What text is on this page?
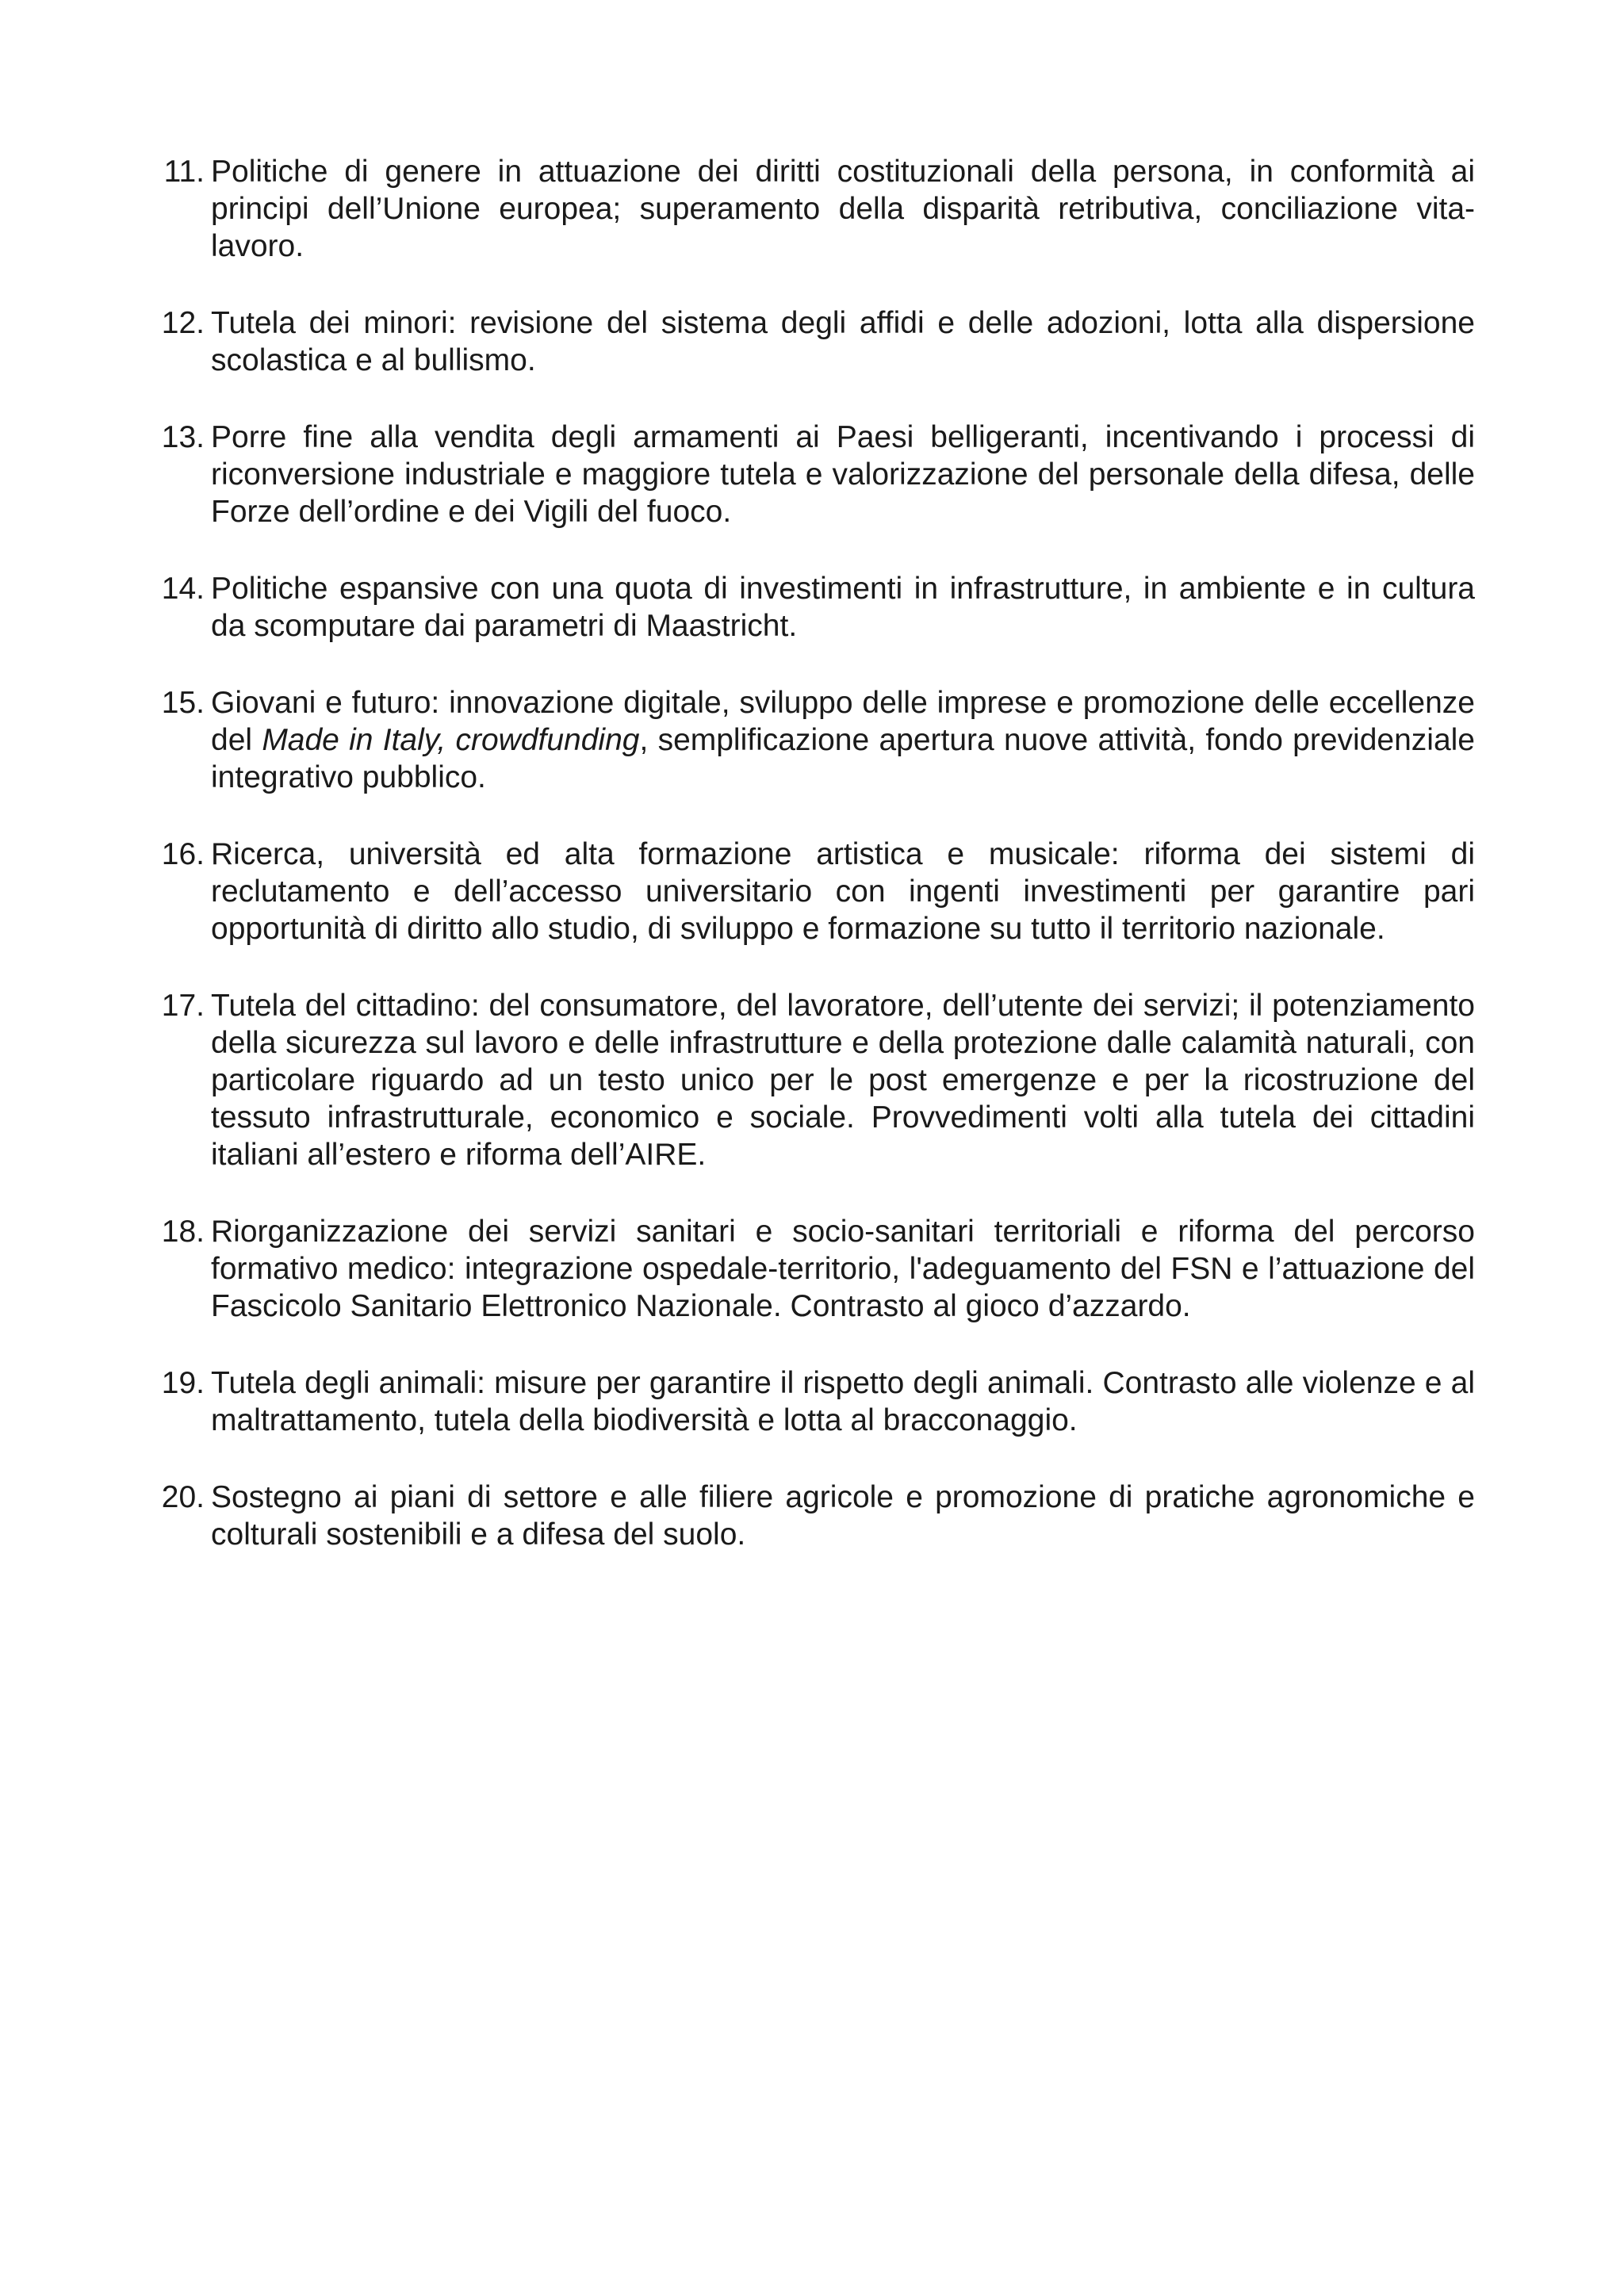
11. Politiche di genere in attuazione dei diritti costituzionali della persona, in conformità ai principi dell’Unione europea; superamento della disparità retributiva, conciliazione vita-lavoro.
12. Tutela dei minori: revisione del sistema degli affidi e delle adozioni, lotta alla dispersione scolastica e al bullismo.
13. Porre fine alla vendita degli armamenti ai Paesi belligeranti, incentivando i processi di riconversione industriale e maggiore tutela e valorizzazione del personale della difesa, delle Forze dell’ordine e dei Vigili del fuoco.
14. Politiche espansive con una quota di investimenti in infrastrutture, in ambiente e in cultura da scomputare dai parametri di Maastricht.
15. Giovani e futuro: innovazione digitale, sviluppo delle imprese e promozione delle eccellenze del Made in Italy, crowdfunding, semplificazione apertura nuove attività, fondo previdenziale integrativo pubblico.
16. Ricerca, università ed alta formazione artistica e musicale: riforma dei sistemi di reclutamento e dell’accesso universitario con ingenti investimenti per garantire pari opportunità di diritto allo studio, di sviluppo e formazione su tutto il territorio nazionale.
17. Tutela del cittadino: del consumatore, del lavoratore, dell’utente dei servizi; il potenziamento della sicurezza sul lavoro e delle infrastrutture e della protezione dalle calamità naturali, con particolare riguardo ad un testo unico per le post emergenze e per la ricostruzione del tessuto infrastrutturale, economico e sociale. Provvedimenti volti alla tutela dei cittadini italiani all’estero e riforma dell’AIRE.
18. Riorganizzazione dei servizi sanitari e socio-sanitari territoriali e riforma del percorso formativo medico: integrazione ospedale-territorio, l'adeguamento del FSN e l’attuazione del Fascicolo Sanitario Elettronico Nazionale. Contrasto al gioco d’azzardo.
19. Tutela degli animali: misure per garantire il rispetto degli animali. Contrasto alle violenze e al maltrattamento, tutela della biodiversità e lotta al bracconaggio.
20. Sostegno ai piani di settore e alle filiere agricole e promozione di pratiche agronomiche e colturali sostenibili e a difesa del suolo.
